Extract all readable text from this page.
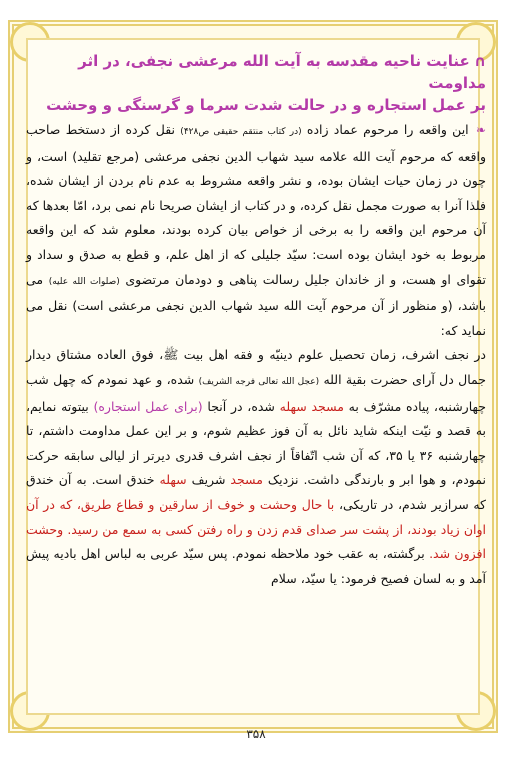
∩عنایت ناحیه مقدسه به آیت الله مرعشی نجفی، در اثر مداومت
بر عمل استجاره و در حالت شدت سرما و گرسنگی و وحشت
❧ این واقعه را مرحوم عماد زاده (در کتاب منتقم حقیقی ص۴۲۸) نقل کرده از دستخط صاحب واقعه که مرحوم آیت الله علامه سید شهاب الدین نجفی مرعشی (مرجع تقلید) است، و چون در زمان حیات ایشان بوده، و نشر واقعه مشروط به عدم نام بردن از ایشان شده، فلذا آنرا به صورت مجمل نقل کرده، و در کتاب از ایشان صریحا نام نمی برد، امّا بعدها که آن مرحوم این واقعه را به برخی از خواص بیان کرده بودند، معلوم شد که این واقعه مربوط به خود ایشان بوده است: سیّد جلیلی که از اهل علم، و قطع به صدق و سداد و تقوای او هست، و از خاندان جلیل رسالت پناهی و دودمان مرتضوی (صلوات الله علیه) می باشد، (و منظور از آن مرحوم آیت الله سید شهاب الدین نجفی مرعشی است) نقل می نماید که:
در نجف اشرف، زمان تحصیل علوم دینیّه و فقه اهل بیت ﷺ، فوق العاده مشتاق دیدار جمال دل آرای حضرت بقیة الله (عجل الله تعالی فرجه الشریف) شده، و عهد نمودم که چهل شب چهارشنبه، پیاده مشرّف به مسجد سهله شده، در آنجا (برای عمل استجاره) بیتوته نمایم، به قصد و نیّت اینکه شاید نائل به آن فوز عظیم شوم، و بر این عمل مداومت داشتم، تا چهارشنبه ۳۶ یا ۳۵، که آن شب اتّفاقاً از نجف اشرف قدری دیرتر از لیالی سابقه حرکت نمودم، و هوا ابر و بارندگی داشت. نزدیک مسجد شریف سهله خندق است. به آن خندق که سرازیر شدم، در تاریکی، با حال وحشت و خوف از سارقین و قطاع طریق، که در آن اوان زیاد بودند، از پشت سر صدای قدم زدن و راه رفتن کسی به سمع من رسید. وحشت افزون شد. برگشته، به عقب خود ملاحظه نمودم. پس سیّد عربی به لباس اهل بادیه پیش آمد و به لسان فصیح فرمود: یا سیّد، سلام
۳۵۸
